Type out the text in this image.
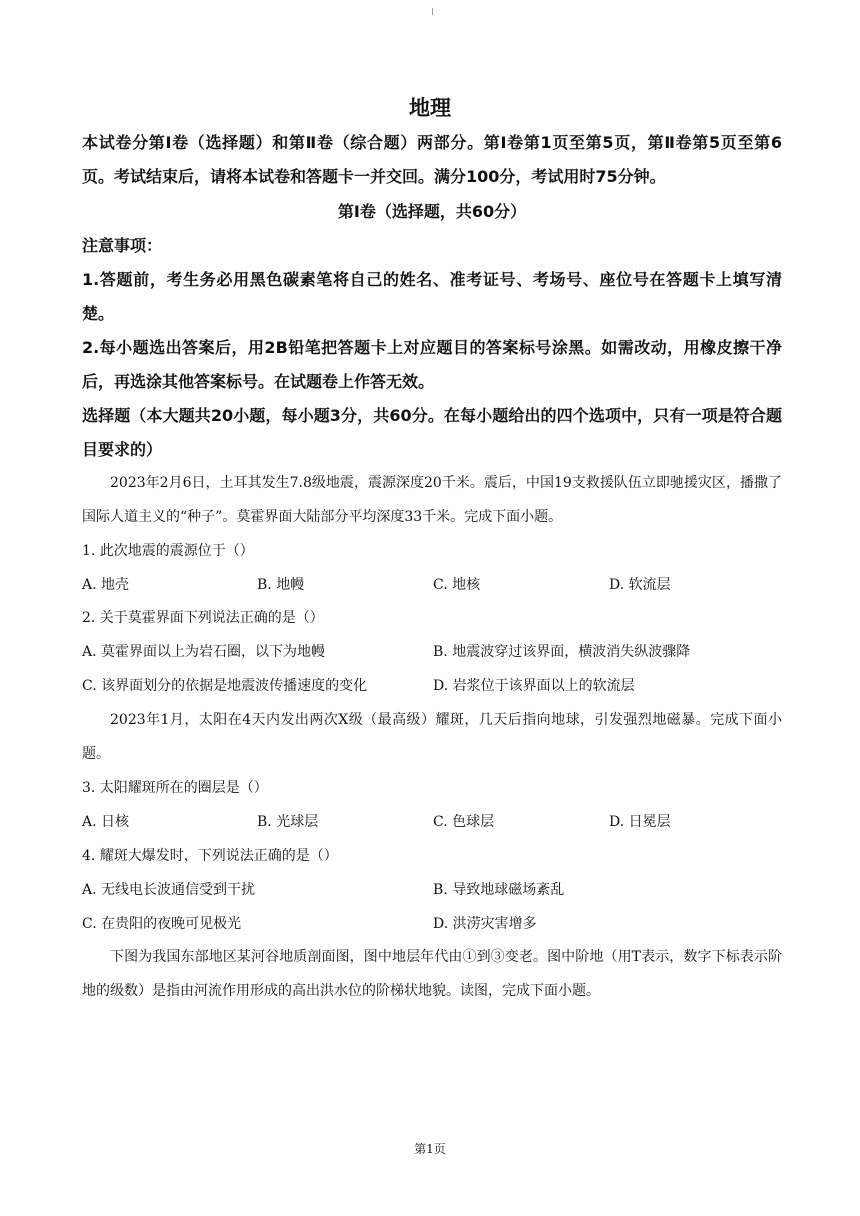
地理

本试卷分第Ⅰ卷（选择题）和第Ⅱ卷（综合题）两部分。第Ⅰ卷第1页至第5页，第Ⅱ卷第5页至第6页。考试结束后，请将本试卷和答题卡一并交回。满分100分，考试用时75分钟。

第Ⅰ卷（选择题，共60分）

注意事项：

1.答题前，考生务必用黑色碳素笔将自己的姓名、准考证号、考场号、座位号在答题卡上填写清楚。

2.每小题选出答案后，用2B铅笔把答题卡上对应题目的答案标号涂黑。如需改动，用橡皮擦干净后，再选涂其他答案标号。在试题卷上作答无效。

选择题（本大题共20小题，每小题3分，共60分。在每小题给出的四个选项中，只有一项是符合题目要求的）

2023年2月6日，土耳其发生7.8级地震，震源深度20千米。震后，中国19支救援队伍立即驰援灾区，播撒了国际人道主义的“种子”。莫霍界面大陆部分平均深度33千米。完成下面小题。

1. 此次地震的震源位于（）

A. 地壳	B. 地幔	C. 地核	D. 软流层

2. 关于莫霍界面下列说法正确的是（）

A. 莫霍界面以上为岩石圈，以下为地幔	B. 地震波穿过该界面，横波消失纵波骤降
C. 该界面划分的依据是地震波传播速度的变化	D. 岩浆位于该界面以上的软流层

2023年1月，太阳在4天内发出两次X级（最高级）耀斑，几天后指向地球，引发强烈地磁暴。完成下面小题。

3. 太阳耀斑所在的圈层是（）

A. 日核	B. 光球层	C. 色球层	D. 日冕层

4. 耀斑大爆发时，下列说法正确的是（）

A. 无线电长波通信受到干扰	B. 导致地球磁场紊乱
C. 在贵阳的夜晚可见极光	D. 洪涝灾害增多

下图为我国东部地区某河谷地质剖面图，图中地层年代由①到③变老。图中阶地（用T表示，数字下标表示阶地的级数）是指由河流作用形成的高出洪水位的阶梯状地貌。读图，完成下面小题。

第1页
